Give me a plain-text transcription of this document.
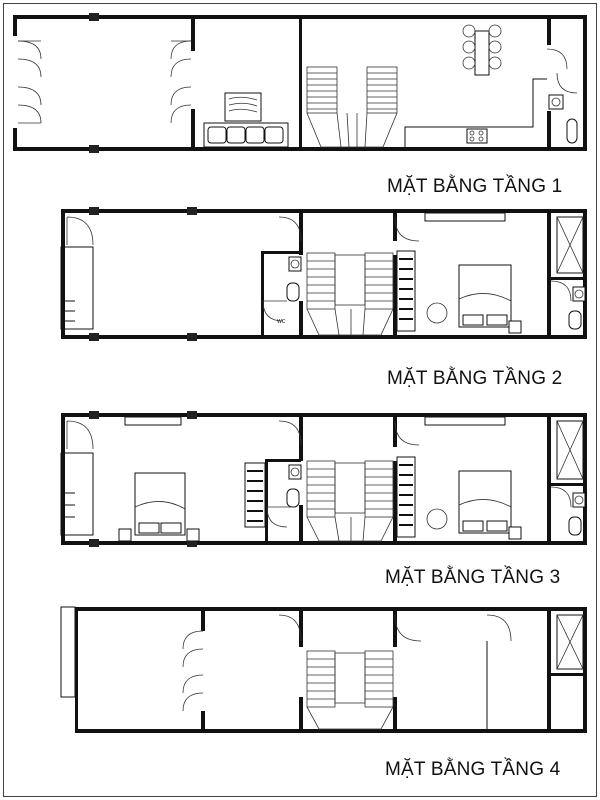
WC
MẶT BẰNG TẦNG 1
MẶT BẰNG TẦNG 2
MẶT BẰNG TẦNG 3
MẶT BẰNG TẦNG 4
